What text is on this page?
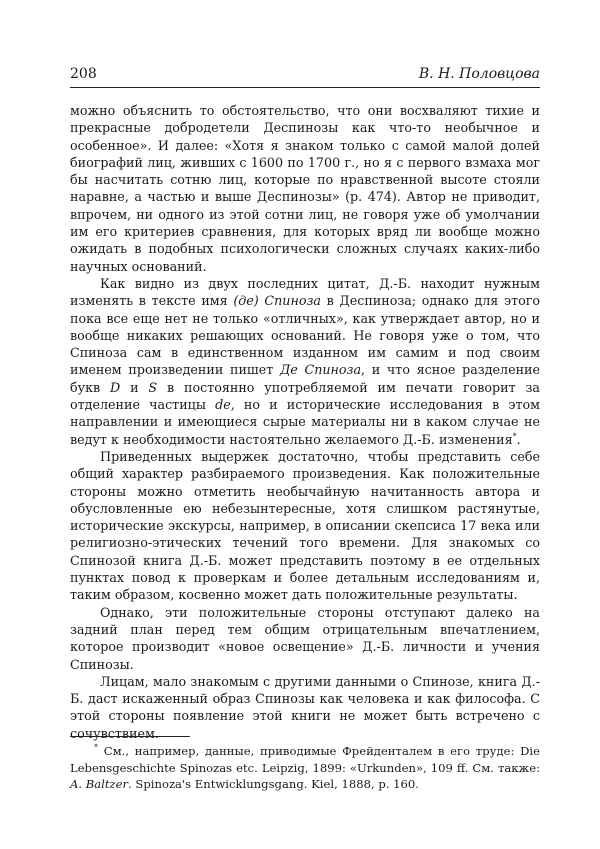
208	В. Н. Половцова

можно объяснить то обстоятельство, что они восхваляют тихие и прекрасные добродетели Деспинозы как что-то необычное и особенное». И далее: «Хотя я знаком только с самой малой долей биографий лиц, живших с 1600 по 1700 г., но я с первого взмаха мог бы насчитать сотню лиц, которые по нравственной высоте стояли наравне, а частью и выше Деспинозы» (р. 474). Автор не приводит, впрочем, ни одного из этой сотни лиц, не говоря уже об умолчании им его критериев сравнения, для которых вряд ли вообще можно ожидать в подобных психологически сложных случаях каких-либо научных оснований.

Как видно из двух последних цитат, Д.-Б. находит нужным изменять в тексте имя (де) Спиноза в Деспиноза; однако для этого пока все еще нет не только «отличных», как утверждает автор, но и вообще никаких решающих оснований. Не говоря уже о том, что Спиноза сам в единственном изданном им самим и под своим именем произведении пишет Де Спиноза, и что ясное разделение букв D и S в постоянно употребляемой им печати говорит за отделение частицы de, но и исторические исследования в этом направлении и имеющиеся сырые материалы ни в каком случае не ведут к необходимости настоятельно желаемого Д.-Б. изменения*.

Приведенных выдержек достаточно, чтобы представить себе общий характер разбираемого произведения. Как положительные стороны можно отметить необычайную начитанность автора и обусловленные ею небезынтересные, хотя слишком растянутые, исторические экскурсы, например, в описании скепсиса 17 века или религиозно-этических течений того времени. Для знакомых со Спинозой книга Д.-Б. может представить поэтому в ее отдельных пунктах повод к проверкам и более детальным исследованиям и, таким образом, косвенно может дать положительные результаты.

Однако, эти положительные стороны отступают далеко на задний план перед тем общим отрицательным впечатлением, которое производит «новое освещение» Д.-Б. личности и учения Спинозы.

Лицам, мало знакомым с другими данными о Спинозе, книга Д.-Б. даст искаженный образ Спинозы как человека и как философа. С этой стороны появление этой книги не может быть встречено с сочувствием.

* См., например, данные, приводимые Фрейденталем в его труде: Die Lebensgeschichte Spinozas etc. Leipzig, 1899: «Urkunden», 109 ff. См. также: A. Baltzer. Spinoza's Entwicklungsgang. Kiel, 1888, p. 160.
